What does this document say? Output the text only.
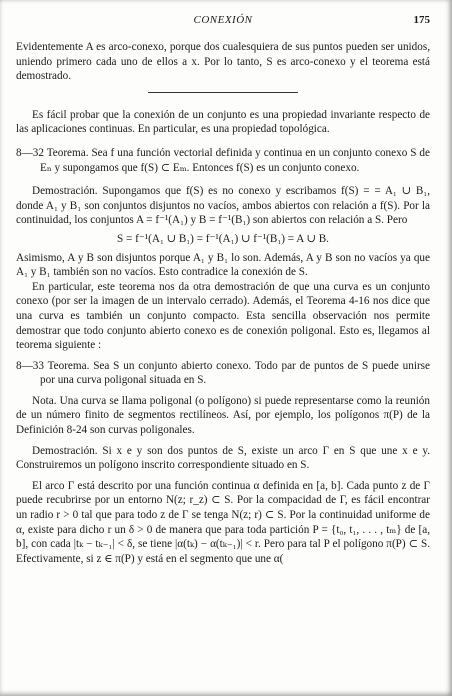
CONEXIÓN	175

Evidentemente A es arco-conexo, porque dos cualesquiera de sus puntos pueden ser unidos, uniendo primero cada uno de ellos a x. Por lo tanto, S es arco-conexo y el teorema está demostrado.

Es fácil probar que la conexión de un conjunto es una propiedad invariante respecto de las aplicaciones continuas. En particular, es una propiedad topológica.

8—32 Teorema. Sea f una función vectorial definida y continua en un conjunto conexo S de Eₙ y supongamos que f(S) ⊂ Eₘ. Entonces f(S) es un conjunto conexo.

Demostración. Supongamos que f(S) es no conexo y escribamos f(S) = = A₁ ∪ B₁, donde A₁ y B₁ son conjuntos disjuntos no vacíos, ambos abiertos con relación a f(S). Por la continuidad, los conjuntos A = f⁻¹(A₁) y B = f⁻¹(B₁) son abiertos con relación a S. Pero

S = f⁻¹(A₁ ∪ B₁) = f⁻¹(A₁) ∪ f⁻¹(B₁) = A ∪ B.

Asimismo, A y B son disjuntos porque A₁ y B₁ lo son. Además, A y B son no vacíos ya que A₁ y B₁ también son no vacíos. Esto contradice la conexión de S.

En particular, este teorema nos da otra demostración de que una curva es un conjunto conexo (por ser la imagen de un intervalo cerrado). Además, el Teorema 4-16 nos dice que una curva es también un conjunto compacto. Esta sencilla observación nos permite demostrar que todo conjunto abierto conexo es de conexión poligonal. Esto es, llegamos al teorema siguiente :

8—33 Teorema. Sea S un conjunto abierto conexo. Todo par de puntos de S puede unirse por una curva poligonal situada en S.

Nota. Una curva se llama poligonal (o polígono) si puede representarse como la reunión de un número finito de segmentos rectilíneos. Así, por ejemplo, los polígonos π(P) de la Definición 8-24 son curvas poligonales.

Demostración. Si x e y son dos puntos de S, existe un arco Γ en S que une x e y. Construiremos un polígono inscrito correspondiente situado en S.

El arco Γ está descrito por una función continua α definida en [a, b]. Cada punto z de Γ puede recubrirse por un entorno N(z; r_z) ⊂ S. Por la compacidad de Γ, es fácil encontrar un radio r > 0 tal que para todo z de Γ se tenga N(z; r) ⊂ S. Por la continuidad uniforme de α, existe para dicho r un δ > 0 de manera que para toda partición P = {t₀, t₁, . . . , tₘ} de [a, b], con cada |tₖ − tₖ₋₁| < δ, se tiene |α(tₖ) − α(tₖ₋₁)| < r. Pero para tal P el polígono π(P) ⊂ S. Efectivamente, si z ∈ π(P) y está en el segmento que une α(
